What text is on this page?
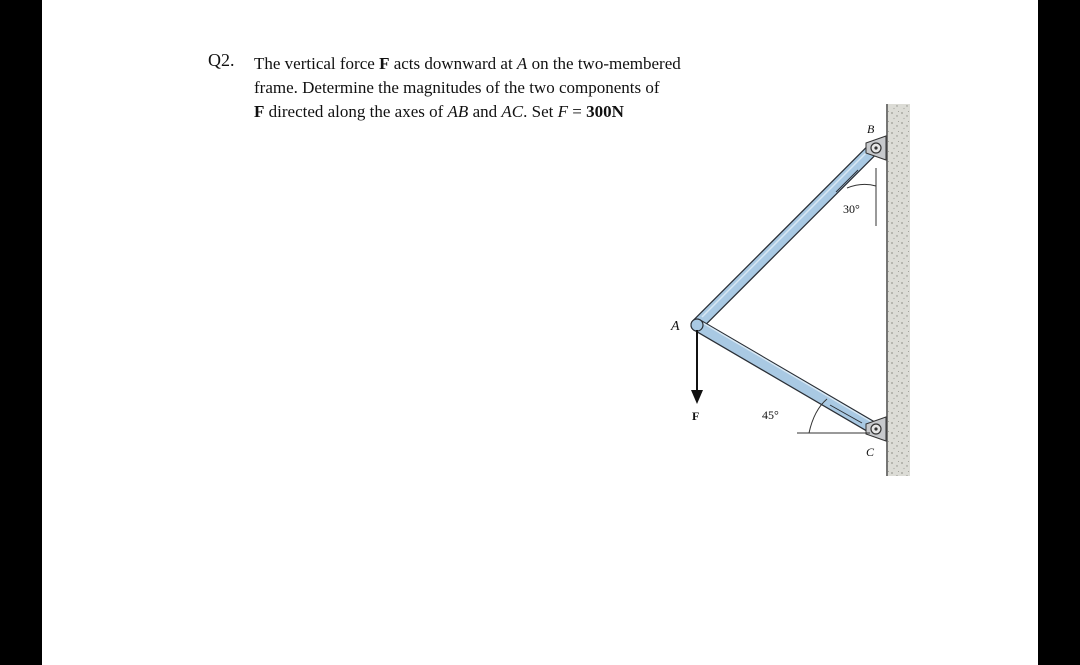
Q2. The vertical force F acts downward at A on the two-membered
frame. Determine the magnitudes of the two components of
F directed along the axes of AB and AC. Set F = 300N
A
B
C
F
30°
45°
